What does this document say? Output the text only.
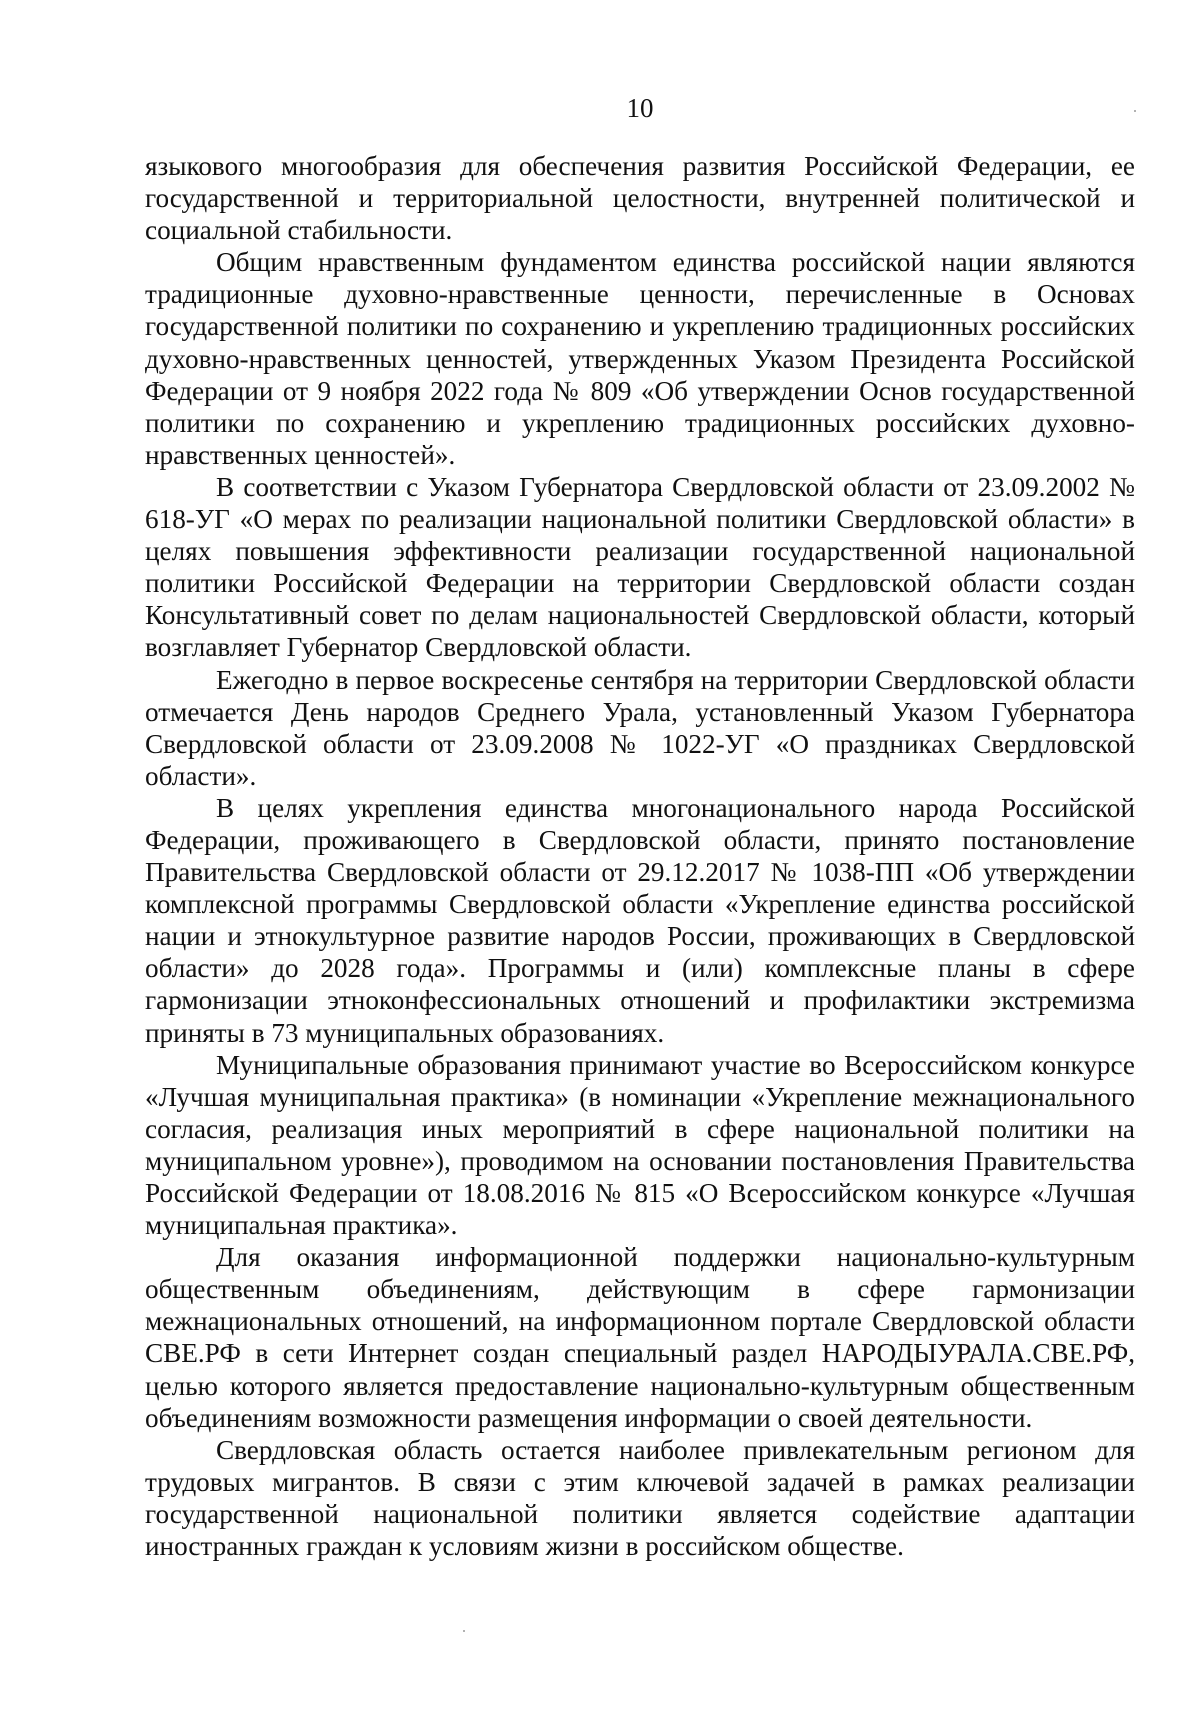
10

языкового многообразия для обеспечения развития Российской Федерации, ее государственной и территориальной целостности, внутренней политической и социальной стабильности.

Общим нравственным фундаментом единства российской нации являются традиционные духовно-нравственные ценности, перечисленные в Основах государственной политики по сохранению и укреплению традиционных российских духовно-нравственных ценностей, утвержденных Указом Президента Российской Федерации от 9 ноября 2022 года № 809 «Об утверждении Основ государственной политики по сохранению и укреплению традиционных российских духовно-нравственных ценностей».

В соответствии с Указом Губернатора Свердловской области от 23.09.2002 № 618-УГ «О мерах по реализации национальной политики Свердловской области» в целях повышения эффективности реализации государственной национальной политики Российской Федерации на территории Свердловской области создан Консультативный совет по делам национальностей Свердловской области, который возглавляет Губернатор Свердловской области.

Ежегодно в первое воскресенье сентября на территории Свердловской области отмечается День народов Среднего Урала, установленный Указом Губернатора Свердловской области от 23.09.2008 № 1022-УГ «О праздниках Свердловской области».

В целях укрепления единства многонационального народа Российской Федерации, проживающего в Свердловской области, принято постановление Правительства Свердловской области от 29.12.2017 № 1038-ПП «Об утверждении комплексной программы Свердловской области «Укрепление единства российской нации и этнокультурное развитие народов России, проживающих в Свердловской области» до 2028 года». Программы и (или) комплексные планы в сфере гармонизации этноконфессиональных отношений и профилактики экстремизма приняты в 73 муниципальных образованиях.

Муниципальные образования принимают участие во Всероссийском конкурсе «Лучшая муниципальная практика» (в номинации «Укрепление межнационального согласия, реализация иных мероприятий в сфере национальной политики на муниципальном уровне»), проводимом на основании постановления Правительства Российской Федерации от 18.08.2016 № 815 «О Всероссийском конкурсе «Лучшая муниципальная практика».

Для оказания информационной поддержки национально-культурным общественным объединениям, действующим в сфере гармонизации межнациональных отношений, на информационном портале Свердловской области СВЕ.РФ в сети Интернет создан специальный раздел НАРОДЫУРАЛА.СВЕ.РФ, целью которого является предоставление национально-культурным общественным объединениям возможности размещения информации о своей деятельности.

Свердловская область остается наиболее привлекательным регионом для трудовых мигрантов. В связи с этим ключевой задачей в рамках реализации государственной национальной политики является содействие адаптации иностранных граждан к условиям жизни в российском обществе.
